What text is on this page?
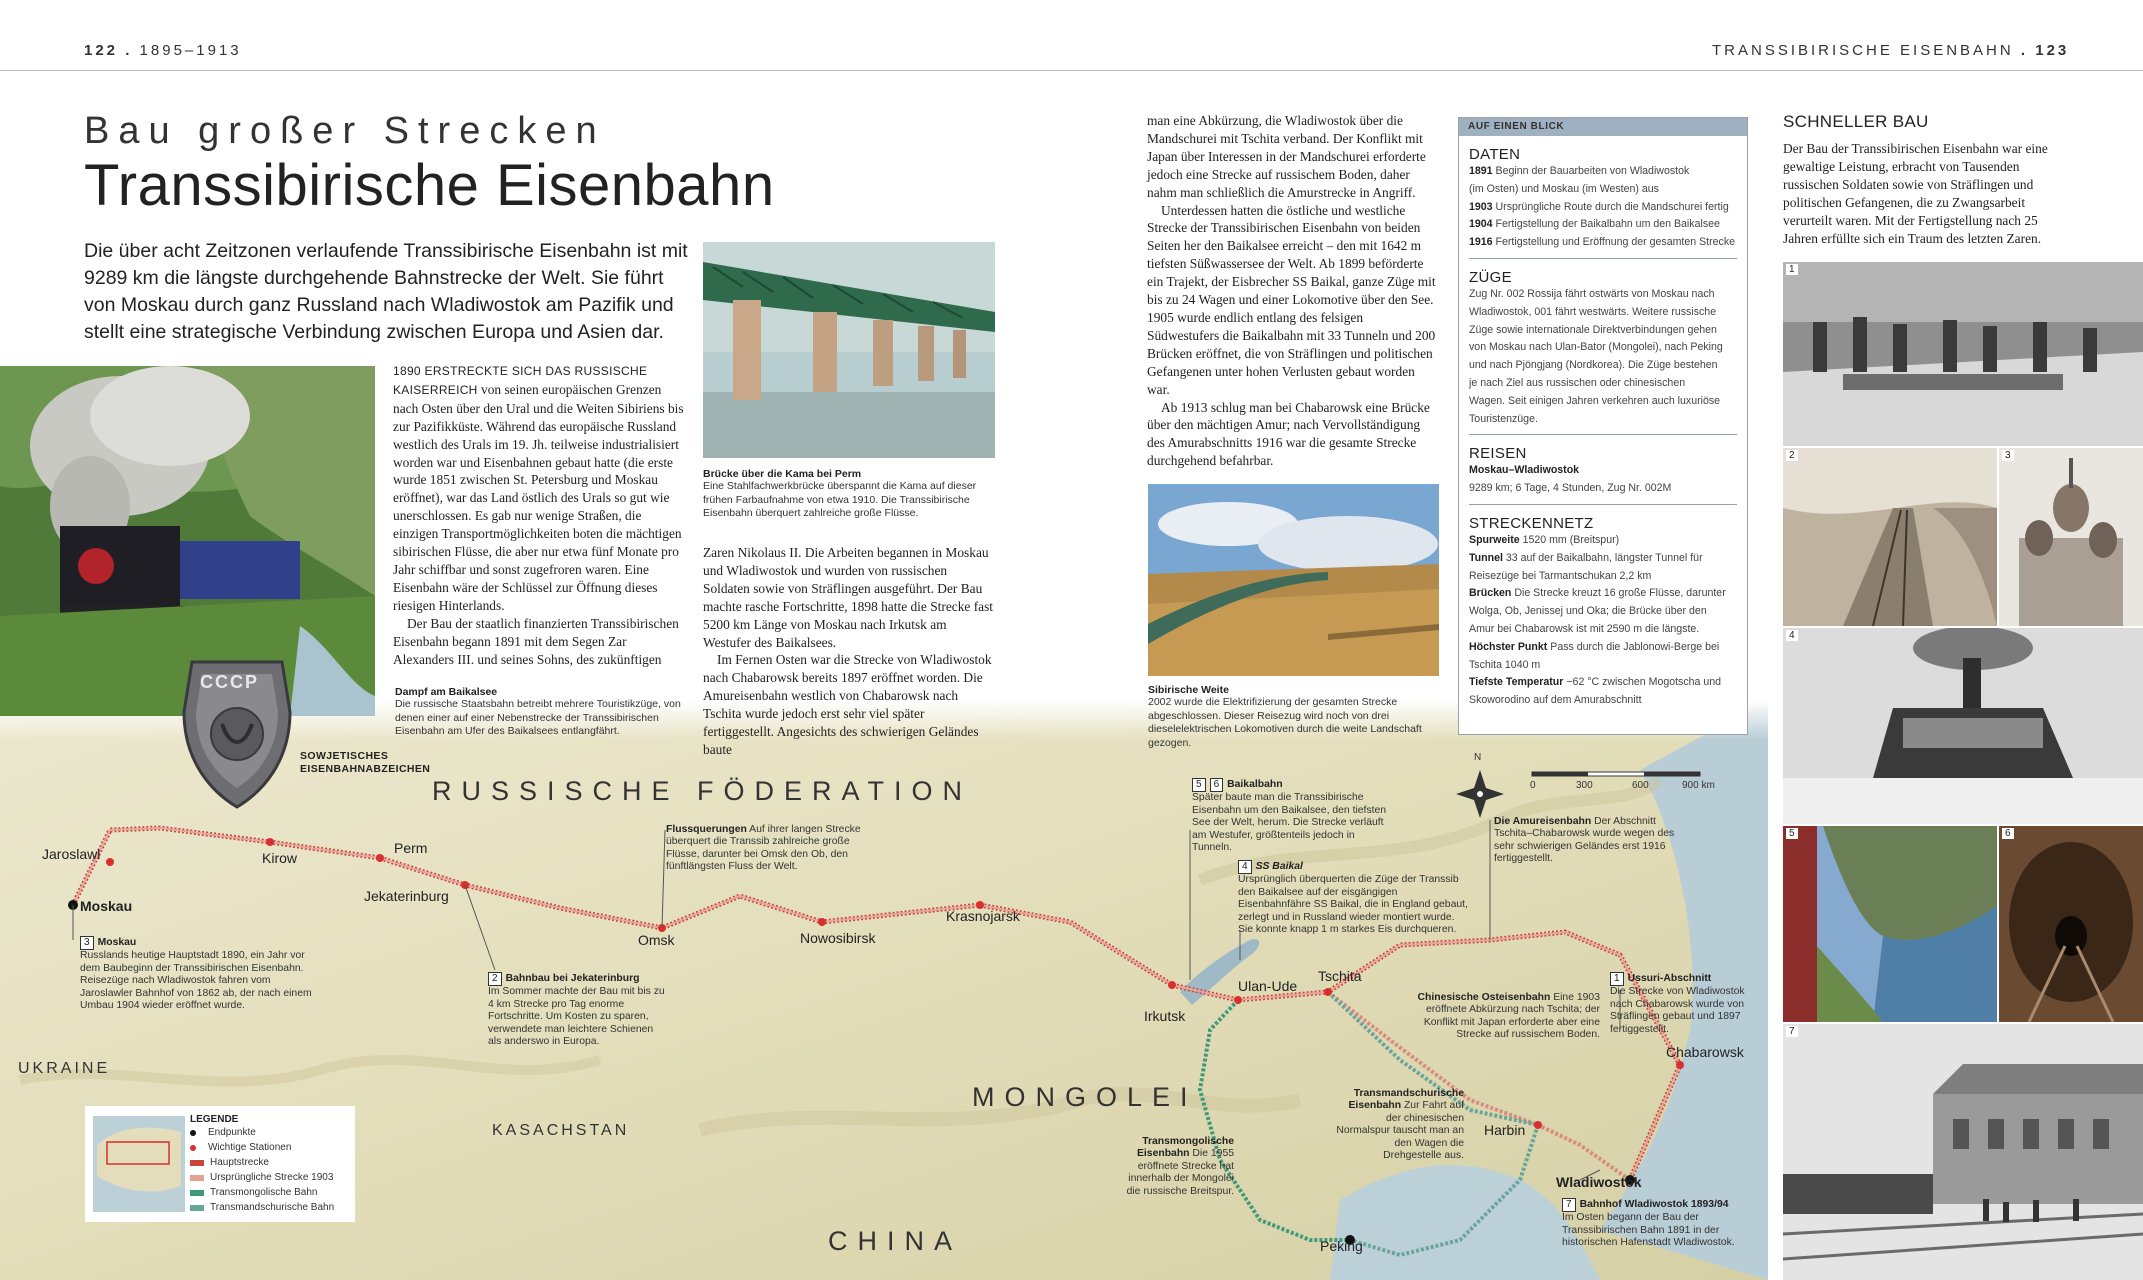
122 . 1895–1913	TRANSSIBIRISCHE EISENBAHN . 123
Bau großer Strecken
Transsibirische Eisenbahn
Die über acht Zeitzonen verlaufende Transsibirische Eisenbahn ist mit 9289 km die längste durchgehende Bahnstrecke der Welt. Sie führt von Moskau durch ganz Russland nach Wladiwostok am Pazifik und stellt eine strategische Verbindung zwischen Europa und Asien dar.
RUSSISCHE FÖDERATION
MONGOLEI
CHINA
KASACHSTAN
UKRAINE
N
0	300	600	900 km
Moskau
Jaroslawl	Kirow
Perm
Jekaterinburg
Omsk	Nowosibirsk
Krasnojarsk
Irkutsk
Ulan-Ude
Tschita
Chabarowsk
Harbin
Wladiwostok
Peking
3 Moskau
Russlands heutige Hauptstadt 1890, ein Jahr vor dem Baubeginn der Transsibirischen Eisenbahn. Reisezüge nach Wladiwostok fahren vom Jaroslawler Bahnhof von 1862 ab, der nach einem Umbau 1904 wieder eröffnet wurde.
2 Bahnbau bei Jekaterinburg
Im Sommer machte der Bau mit bis zu 4 km Strecke pro Tag enorme Fortschritte. Um Kosten zu sparen, verwendete man leichtere Schienen als anderswo in Europa.
Flussquerungen Auf ihrer langen Strecke überquert die Transsib zahlreiche große Flüsse, darunter bei Omsk den Ob, den fünftlängsten Fluss der Welt.
5 6 Baikalbahn
Später baute man die Transsibirische Eisenbahn um den Baikalsee, den tiefsten See der Welt, herum. Die Strecke verläuft am Westufer, größtenteils jedoch in Tunneln.
4 SS Baikal
Ursprünglich überquerten die Züge der Transsib den Baikalsee auf der eisgängigen Eisenbahnfähre SS Baikal, die in England gebaut, zerlegt und in Russland wieder montiert wurde. Sie konnte knapp 1 m starkes Eis durchqueren.
Die Amureisenbahn Der Abschnitt Tschita–Chabarowsk wurde wegen des sehr schwierigen Geländes erst 1916 fertiggestellt.
1 Ussuri-Abschnitt
Die Strecke von Wladiwostok nach Chabarowsk wurde von Sträflingen gebaut und 1897 fertiggestellt.
Chinesische Osteisenbahn Eine 1903 eröffnete Abkürzung nach Tschita; der Konflikt mit Japan erforderte aber eine Strecke auf russischem Boden.
Transmandschurische Eisenbahn Zur Fahrt auf der chinesischen Normalspur tauscht man an den Wagen die Drehgestelle aus.
Transmongolische Eisenbahn Die 1955 eröffnete Strecke hat innerhalb der Mongolei die russische Breitspur.
7 Bahnhof Wladiwostok 1893/94
Im Osten begann der Bau der Transsibirischen Bahn 1891 in der historischen Hafenstadt Wladiwostok.
LEGENDE
Endpunkte
Wichtige Stationen
Hauptstrecke
Ursprüngliche Strecke 1903
Transmongolische Bahn
Transmandschurische Bahn
Dampf am Baikalsee
Die russische Staatsbahn betreibt mehrere Touristikzüge, von denen einer auf einer Nebenstrecke der Transsibirischen Eisenbahn am Ufer des Baikalsees entlangfährt.
СССР
SOWJETISCHES EISENBAHNABZEICHEN

1890 ERSTRECKTE SICH DAS RUSSISCHE KAISERREICH von seinen europäischen Grenzen nach Osten über den Ural und die Weiten Sibiriens bis zur Pazifikküste. Während das europäische Russland westlich des Urals im 19. Jh. teilweise industrialisiert worden war und Eisenbahnen gebaut hatte (die erste wurde 1851 zwischen St. Petersburg und Moskau eröffnet), war das Land östlich des Urals so gut wie unerschlossen. Es gab nur wenige Straßen, die einzigen Transportmöglichkeiten boten die mächtigen sibirischen Flüsse, die aber nur etwa fünf Monate pro Jahr schiffbar und sonst zugefroren waren. Eine Eisenbahn wäre der Schlüssel zur Öffnung dieses riesigen Hinterlands.

Der Bau der staatlich finanzierten Transsibirischen Eisenbahn begann 1891 mit dem Segen Zar Alexanders III. und seines Sohns, des zukünftigen

Brücke über die Kama bei Perm
Eine Stahlfachwerkbrücke überspannt die Kama auf dieser frühen Farbaufnahme von etwa 1910. Die Transsibirische Eisenbahn überquert zahlreiche große Flüsse.

Zaren Nikolaus II. Die Arbeiten begannen in Moskau und Wladiwostok und wurden von russischen Soldaten sowie von Sträflingen ausgeführt. Der Bau machte rasche Fortschritte, 1898 hatte die Strecke fast 5200 km Länge von Moskau nach Irkutsk am Westufer des Baikalsees.

Im Fernen Osten war die Strecke von Wladiwostok nach Chabarowsk bereits 1897 eröffnet worden. Die Amureisenbahn westlich von Chabarowsk nach Tschita wurde jedoch erst sehr viel später fertiggestellt. Angesichts des schwierigen Geländes baute

man eine Abkürzung, die Wladiwostok über die Mandschurei mit Tschita verband. Der Konflikt mit Japan über Interessen in der Mandschurei erforderte jedoch eine Strecke auf russischem Boden, daher nahm man schließlich die Amurstrecke in Angriff.

Unterdessen hatten die östliche und westliche Strecke der Transsibirischen Eisenbahn von beiden Seiten her den Baikalsee erreicht – den mit 1642 m tiefsten Süßwassersee der Welt. Ab 1899 beförderte ein Trajekt, der Eisbrecher SS Baikal, ganze Züge mit bis zu 24 Wagen und einer Lokomotive über den See. 1905 wurde endlich entlang des felsigen Südwestufers die Baikalbahn mit 33 Tunneln und 200 Brücken eröffnet, die von Sträflingen und politischen Gefangenen unter hohen Verlusten gebaut worden war.

Ab 1913 schlug man bei Chabarowsk eine Brücke über den mächtigen Amur; nach Vervollständigung des Amurabschnitts 1916 war die gesamte Strecke durchgehend befahrbar.

Sibirische Weite
2002 wurde die Elektrifizierung der gesamten Strecke abgeschlossen. Dieser Reisezug wird noch von drei dieselelektrischen Lokomotiven durch die weite Landschaft gezogen.
AUF EINEN BLICK
DATEN
1891 Beginn der Bauarbeiten von Wladiwostok
(im Osten) und Moskau (im Westen) aus
1903 Ursprüngliche Route durch die Mandschurei fertig
1904 Fertigstellung der Baikalbahn um den Baikalsee
1916 Fertigstellung und Eröffnung der gesamten Strecke
ZÜGE
Zug Nr. 002 Rossija fährt ostwärts von Moskau nach
Wladiwostok, 001 fährt westwärts. Weitere russische
Züge sowie internationale Direktverbindungen gehen
von Moskau nach Ulan-Bator (Mongolei), nach Peking
und nach Pjöngjang (Nordkorea). Die Züge bestehen
je nach Ziel aus russischen oder chinesischen
Wagen. Seit einigen Jahren verkehren auch luxuriöse
Touristenzüge.
REISEN
Moskau–Wladiwostok
9289 km; 6 Tage, 4 Stunden, Zug Nr. 002M
STRECKENNETZ
Spurweite 1520 mm (Breitspur)
Tunnel 33 auf der Baikalbahn, längster Tunnel für
Reisezüge bei Tarmantschukan 2,2 km
Brücken Die Strecke kreuzt 16 große Flüsse, darunter
Wolga, Ob, Jenissej und Oka; die Brücke über den
Amur bei Chabarowsk ist mit 2590 m die längste.
Höchster Punkt Pass durch die Jablonowi-Berge bei
Tschita 1040 m
Tiefste Temperatur −62 °C zwischen Mogotscha und
Skoworodino auf dem Amurabschnitt
SCHNELLER BAU
Der Bau der Transsibirischen Eisenbahn war eine gewaltige Leistung, erbracht von Tausenden russischen Soldaten sowie von Sträflingen und politischen Gefangenen, die zu Zwangsarbeit verurteilt waren. Mit der Fertigstellung nach 25 Jahren erfüllte sich ein Traum des letzten Zaren.
1
2	3
4
5	6
7
